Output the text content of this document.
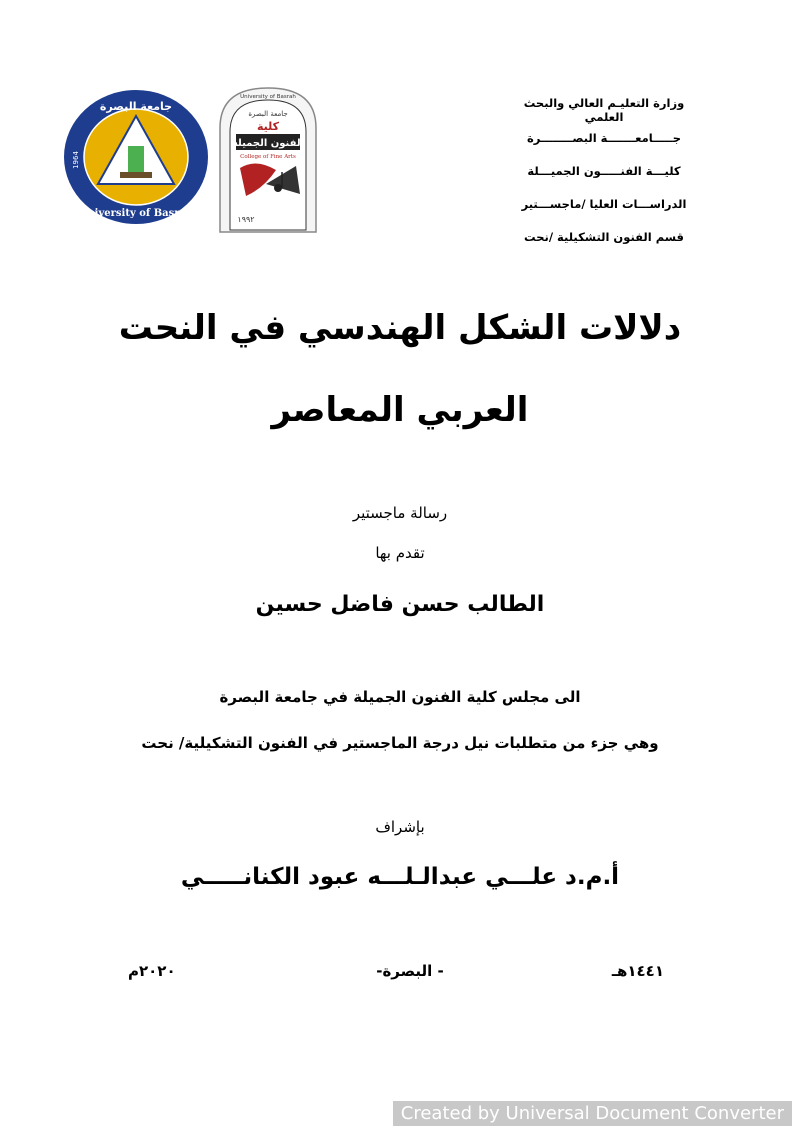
وزارة التعليـم العالي والبحث العلمي
جـــــامعـــــــة البصــــــــرة
كليـــة الفنـــــون الجميـــلة
الدراســـات العليا /ماجســـتير
قسم الفنون التشكيلية /نحت
جامعة البصرة
University of Basrah
1964
University of Basrah
جامعة البصرة
كلية
الفنون الجميلة
College of Fine Arts
١٩٩٢
دلالات الشكل الهندسي في النحت
العربي المعاصر
رسالة ماجستير
تقدم بها
الطالب حسن فاضل حسين
الى مجلس كلية الفنون الجميلة في جامعة البصرة
وهي جزء من متطلبات نيل درجة الماجستير في الفنون التشكيلية/ نحت
بإشراف
أ.م.د علـــي عبدالـلـــه عبود الكنانـــــي
١٤٤١هـ
- البصرة-
٢٠٢٠م
Created by Universal Document Converter
